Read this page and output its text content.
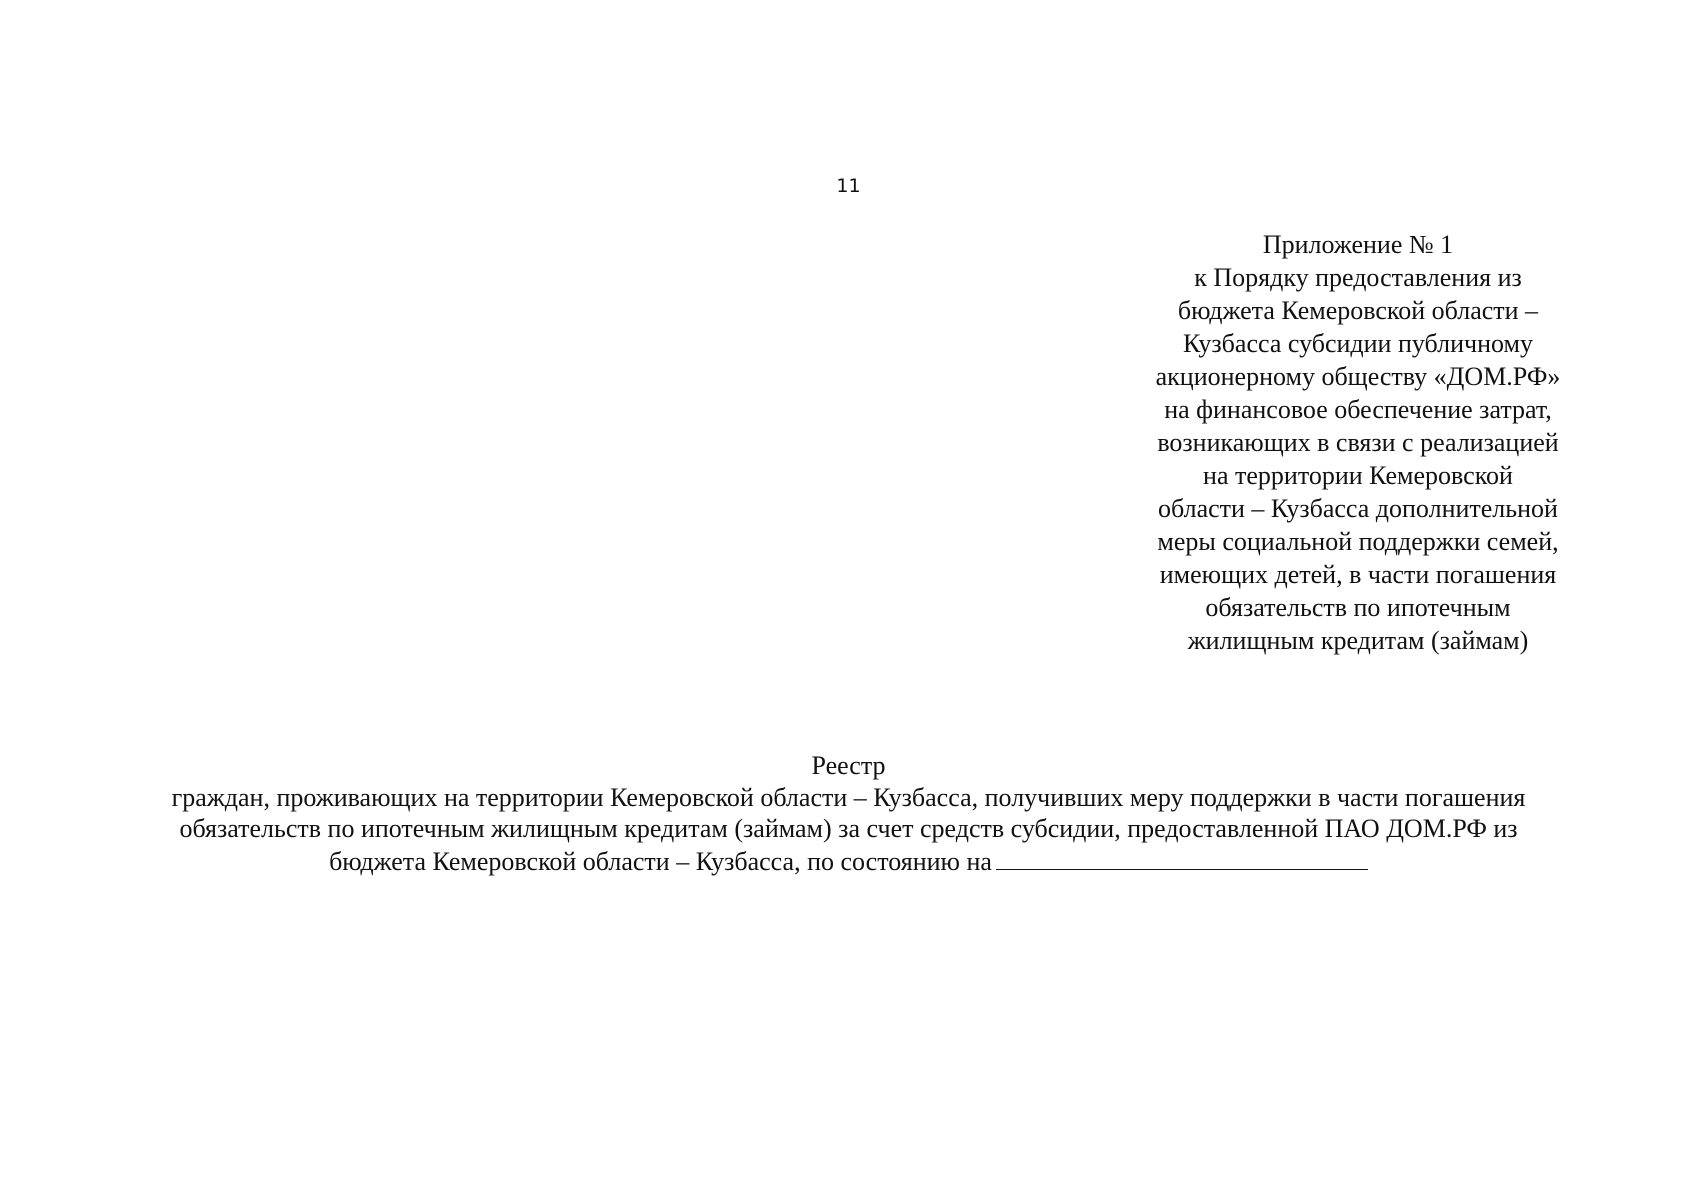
11
Приложение № 1
к Порядку предоставления из
бюджета Кемеровской области –
Кузбасса субсидии публичному
акционерному обществу «ДОМ.РФ»
на финансовое обеспечение затрат,
возникающих в связи с реализацией
на территории Кемеровской
области – Кузбасса дополнительной
меры социальной поддержки семей,
имеющих детей, в части погашения
обязательств по ипотечным
жилищным кредитам (займам)
Реестр
граждан, проживающих на территории Кемеровской области – Кузбасса, получивших меру поддержки в части погашения
обязательств по ипотечным жилищным кредитам (займам) за счет средств субсидии, предоставленной ПАО ДОМ.РФ из
бюджета Кемеровской области – Кузбасса, по состоянию на
